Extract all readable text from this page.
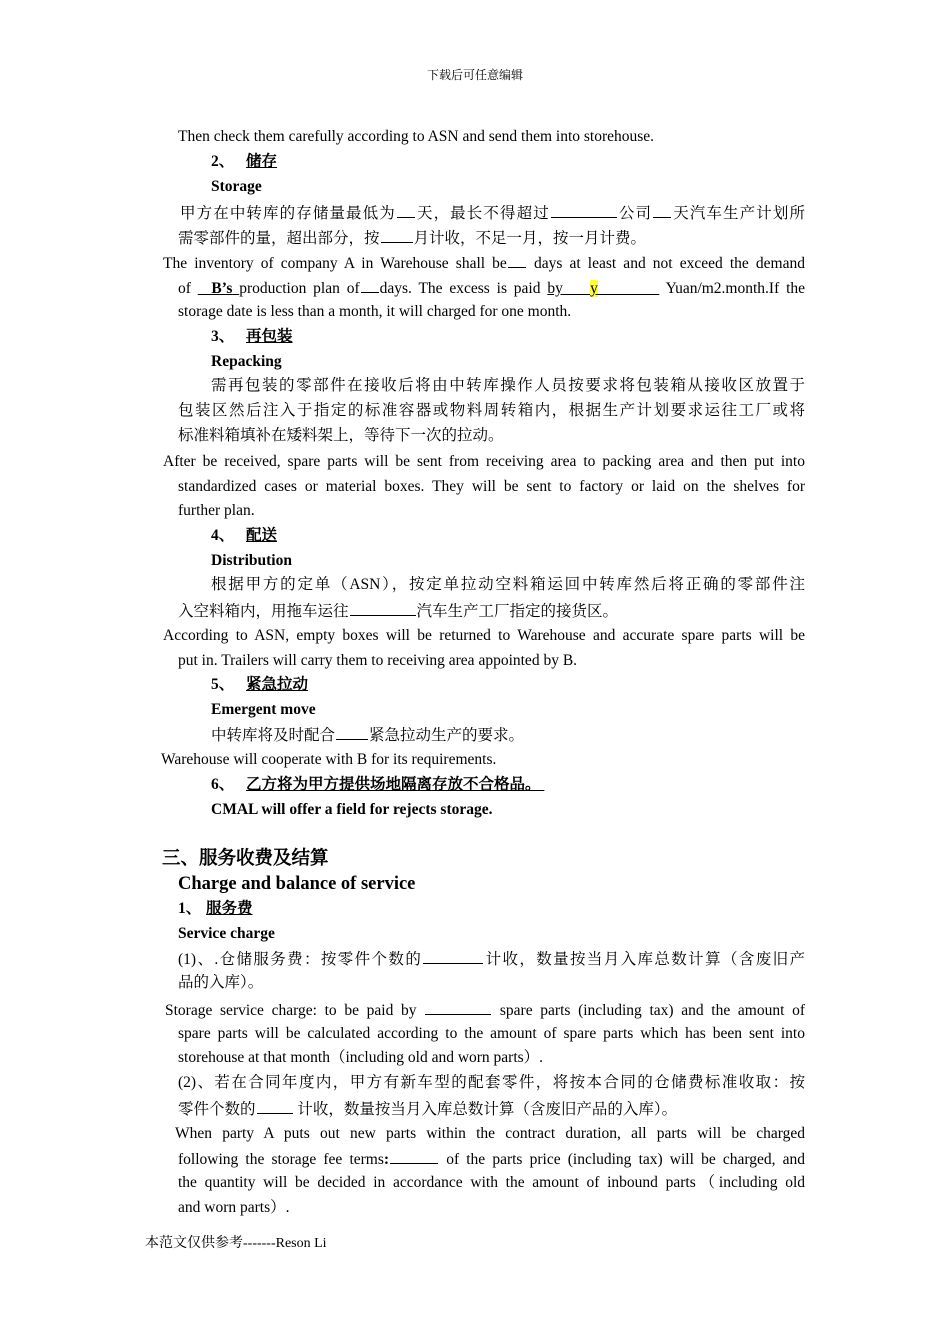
下载后可任意编辑
Then check them carefully according to ASN and send them into storehouse.
2、 储存
Storage
甲方在中转库的存储量最低为 天，最长不得超过	公司 天汽车生产计划所
需零部件的量，超出部分，按 月计收，不足一月，按一月计费。
The inventory of company A in Warehouse shall be days at least and not exceed the demand
of B’s production plan of days. The excess is paid by y	Yuan/m2.month.If the
storage date is less than a month, it will charged for one month.
3、 再包装
Repacking
需再包装的零部件在接收后将由中转库操作人员按要求将包装箱从接收区放置于
包装区然后注入于指定的标准容器或物料周转箱内，根据生产计划要求运往工厂或将
标准料箱填补在矮料架上，等待下一次的拉动。
After be received, spare parts will be sent from receiving area to packing area and then put into
standardized cases or material boxes. They will be sent to factory or laid on the shelves for
further plan.
4、 配送
Distribution
根据甲方的定单（ASN），按定单拉动空料箱运回中转库然后将正确的零部件注
入空料箱内，用拖车运往	汽车生产工厂指定的接货区。
According to ASN, empty boxes will be returned to Warehouse and accurate spare parts will be
put in. Trailers will carry them to receiving area appointed by B.
5、 紧急拉动
Emergent move
中转库将及时配合 紧急拉动生产的要求。
Warehouse will cooperate with B for its requirements.
6、 乙方将为甲方提供场地隔离存放不合格品。
CMAL will offer a field for rejects storage.
三、服务收费及结算
Charge and balance of service
1、 服务费
Service charge
(1)、.仓储服务费：按零件个数的	计收，数量按当月入库总数计算（含废旧产
品的入库）。
Storage service charge: to be paid by	spare parts (including tax) and the amount of
spare parts will be calculated according to the amount of spare parts which has been sent into
storehouse at that month（including old and worn parts）.
(2)、若在合同年度内，甲方有新车型的配套零件，将按本合同的仓储费标准收取：按
零件个数的	计收，数量按当月入库总数计算（含废旧产品的入库）。
When party A puts out new parts within the contract duration, all parts will be charged
following the storage fee terms:	of the parts price (including tax) will be charged, and
the quantity will be decided in accordance with the amount of inbound parts（including old
and worn parts）.
本范文仅供参考-------Reson Li
